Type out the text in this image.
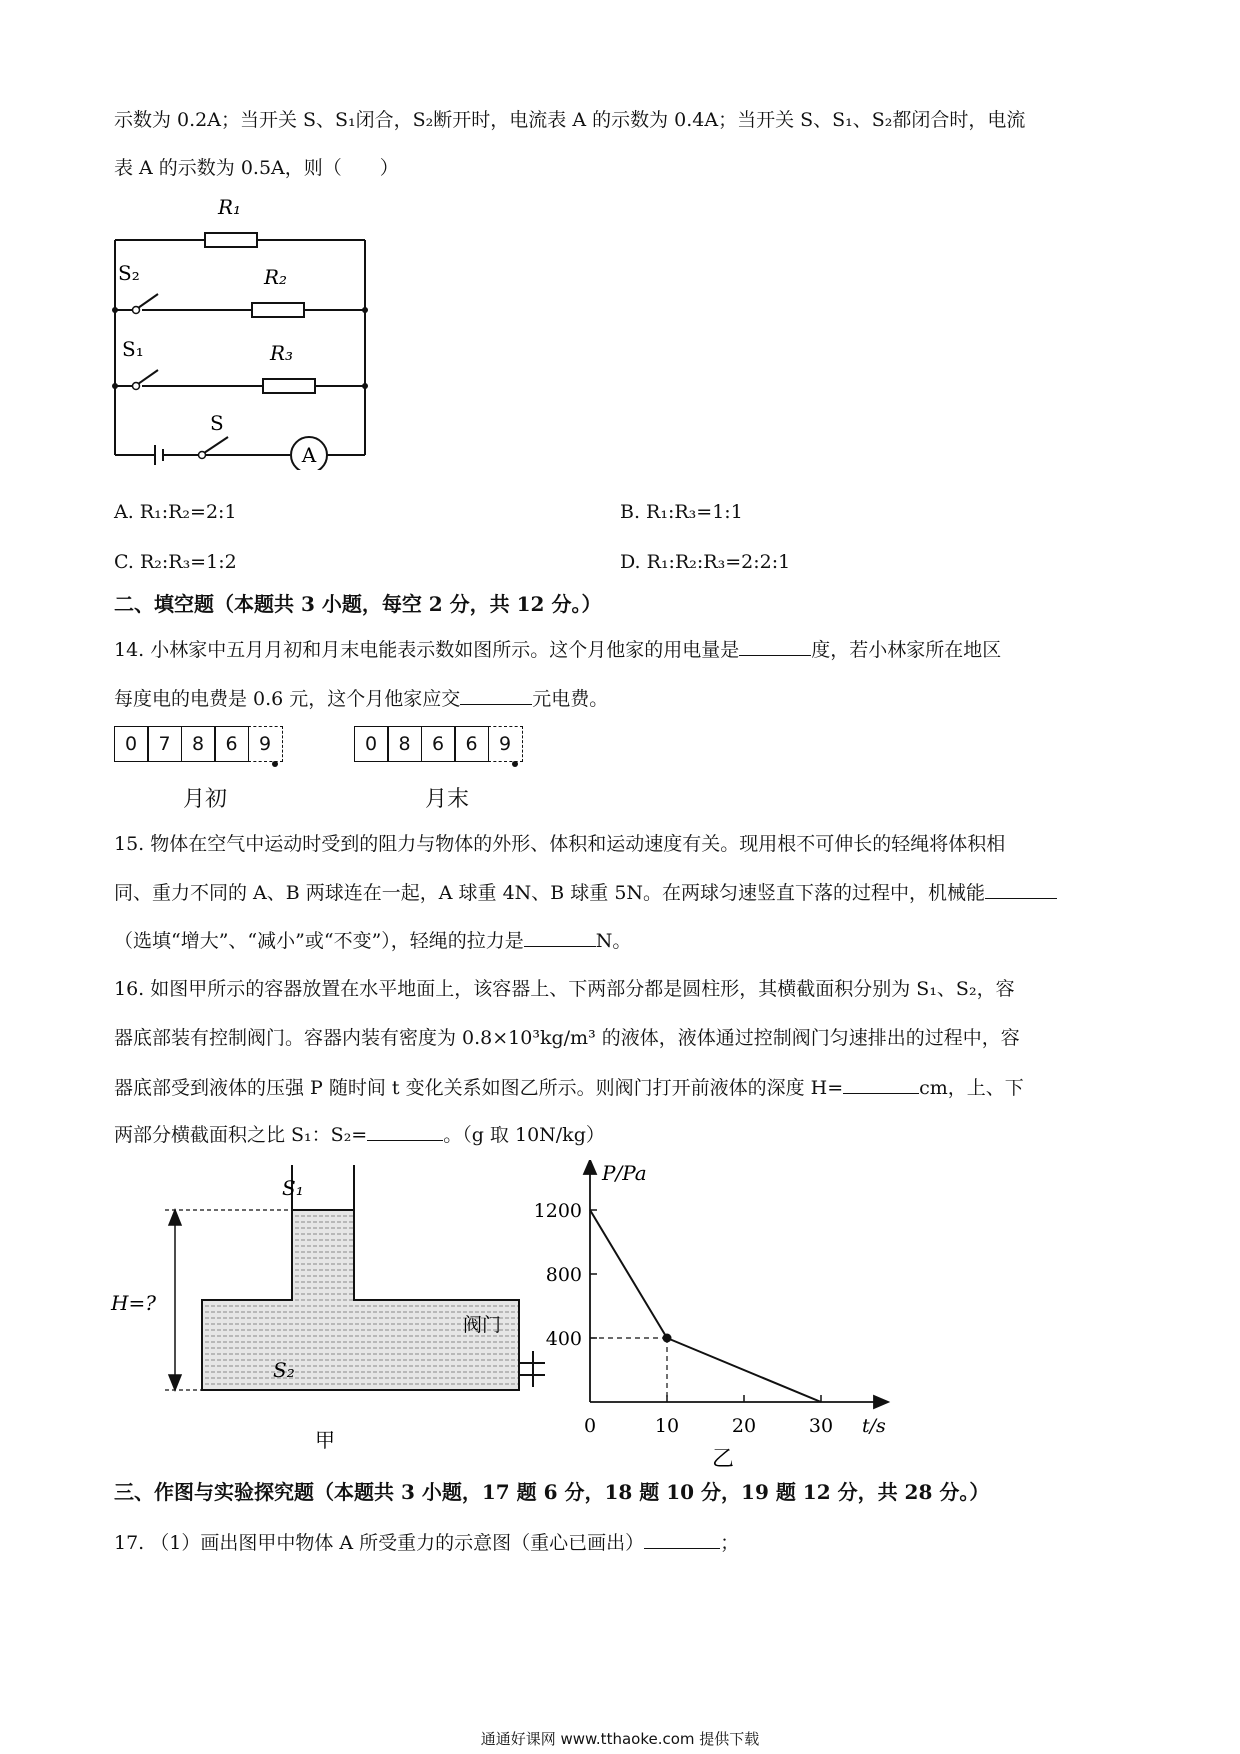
示数为 0.2A；当开关 S、S₁闭合，S₂断开时，电流表 A 的示数为 0.4A；当开关 S、S₁、S₂都闭合时，电流
表 A 的示数为 0.5A，则（　　）
R₁
R₂
R₃
S₂
S₁
S
A
A. R₁:R₂=2:1	B. R₁:R₃=1:1
C. R₂:R₃=1:2	D. R₁:R₂:R₃=2:2:1
二、填空题（本题共 3 小题，每空 2 分，共 12 分。）
14. 小林家中五月月初和月末电能表示数如图所示。这个月他家的用电量是	度，若小林家所在地区
每度电的电费是 0.6 元，这个月他家应交	元电费。
0	7	8	6	9	0	8	6	6	9
月初	月末
15. 物体在空气中运动时受到的阻力与物体的外形、体积和运动速度有关。现用根不可伸长的轻绳将体积相
同、重力不同的 A、B 两球连在一起，A 球重 4N、B 球重 5N。在两球匀速竖直下落的过程中，机械能
（选填“增大”、“减小”或“不变”），轻绳的拉力是	N。
16. 如图甲所示的容器放置在水平地面上，该容器上、下两部分都是圆柱形，其横截面积分别为 S₁、S₂，容
器底部装有控制阀门。容器内装有密度为 0.8×10³kg/m³ 的液体，液体通过控制阀门匀速排出的过程中，容
器底部受到液体的压强 P 随时间 t 变化关系如图乙所示。则阀门打开前液体的深度 H=	cm，上、下
两部分横截面积之比 S₁：S₂=	。（g 取 10N/kg）
S₁
S₂
H=?
阀门
甲
P/Pa
t/s
0	10	20	30
400
800
1200
乙
三、作图与实验探究题（本题共 3 小题，17 题 6 分，18 题 10 分，19 题 12 分，共 28 分。）
17. （1）画出图甲中物体 A 所受重力的示意图（重心已画出）	；
通通好课网 www.tthaoke.com 提供下载
